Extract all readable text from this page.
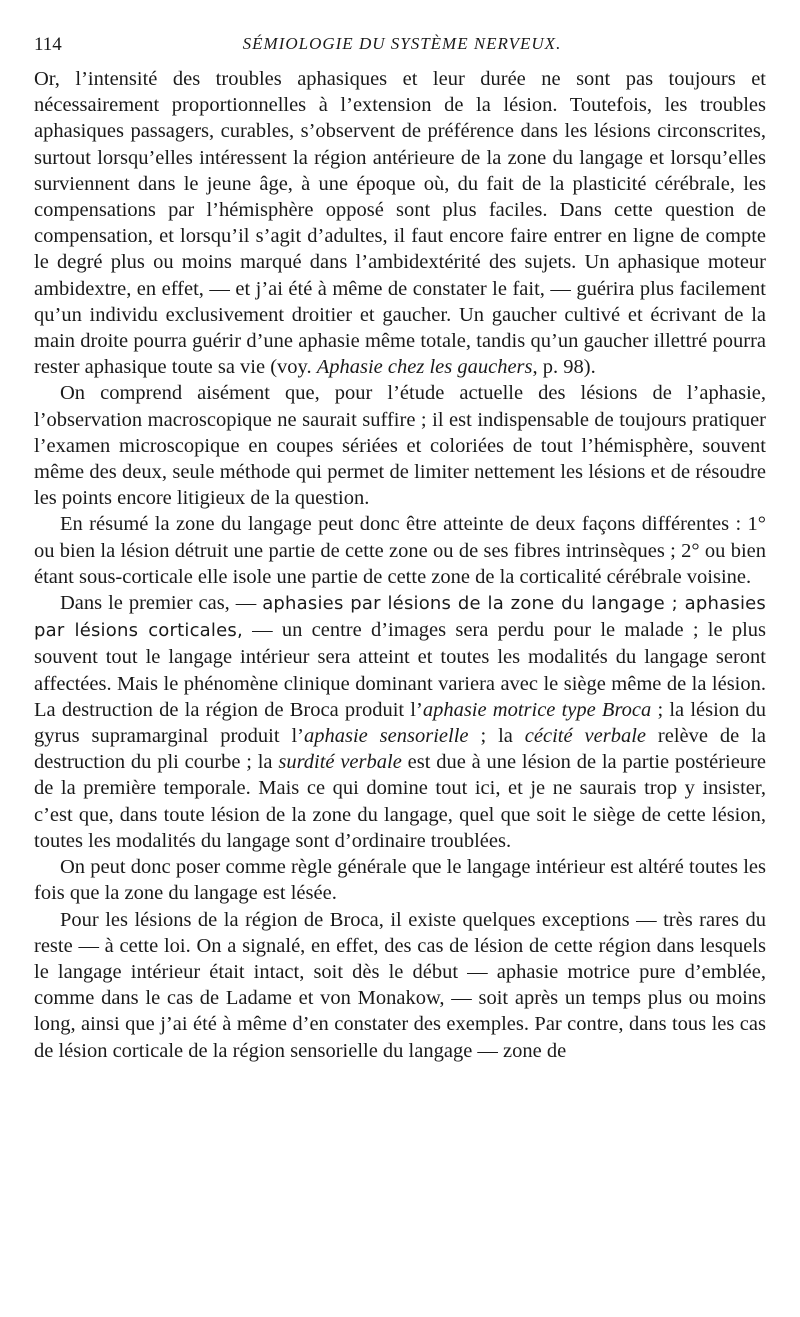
114	SÉMIOLOGIE DU SYSTÈME NERVEUX.

Or, l’intensité des troubles aphasiques et leur durée ne sont pas toujours et nécessairement proportionnelles à l’extension de la lésion. Toutefois, les troubles aphasiques passagers, curables, s’observent de préférence dans les lésions circonscrites, surtout lorsqu’elles intéressent la région antérieure de la zone du langage et lorsqu’elles surviennent dans le jeune âge, à une époque où, du fait de la plasticité cérébrale, les compensations par l’hémisphère opposé sont plus faciles. Dans cette question de compensation, et lorsqu’il s’agit d’adultes, il faut encore faire entrer en ligne de compte le degré plus ou moins marqué dans l’ambidextérité des sujets. Un aphasique moteur ambidextre, en effet, — et j’ai été à même de constater le fait, — guérira plus facilement qu’un individu exclusivement droitier et gaucher. Un gaucher cultivé et écrivant de la main droite pourra guérir d’une aphasie même totale, tandis qu’un gaucher illettré pourra rester aphasique toute sa vie (voy. Aphasie chez les gauchers, p. 98).

On comprend aisément que, pour l’étude actuelle des lésions de l’aphasie, l’observation macroscopique ne saurait suffire ; il est indispensable de toujours pratiquer l’examen microscopique en coupes sériées et coloriées de tout l’hémisphère, souvent même des deux, seule méthode qui permet de limiter nettement les lésions et de résoudre les points encore litigieux de la question.

En résumé la zone du langage peut donc être atteinte de deux façons différentes : 1° ou bien la lésion détruit une partie de cette zone ou de ses fibres intrinsèques ; 2° ou bien étant sous-corticale elle isole une partie de cette zone de la corticalité cérébrale voisine.

Dans le premier cas, — aphasies par lésions de la zone du langage ; aphasies par lésions corticales, — un centre d’images sera perdu pour le malade ; le plus souvent tout le langage intérieur sera atteint et toutes les modalités du langage seront affectées. Mais le phénomène clinique dominant variera avec le siège même de la lésion. La destruction de la région de Broca produit l’aphasie motrice type Broca ; la lésion du gyrus supramarginal produit l’aphasie sensorielle ; la cécité verbale relève de la destruction du pli courbe ; la surdité verbale est due à une lésion de la partie postérieure de la première temporale. Mais ce qui domine tout ici, et je ne saurais trop y insister, c’est que, dans toute lésion de la zone du langage, quel que soit le siège de cette lésion, toutes les modalités du langage sont d’ordinaire troublées.

On peut donc poser comme règle générale que le langage intérieur est altéré toutes les fois que la zone du langage est lésée.

Pour les lésions de la région de Broca, il existe quelques exceptions — très rares du reste — à cette loi. On a signalé, en effet, des cas de lésion de cette région dans lesquels le langage intérieur était intact, soit dès le début — aphasie motrice pure d’emblée, comme dans le cas de Ladame et von Monakow, — soit après un temps plus ou moins long, ainsi que j’ai été à même d’en constater des exemples. Par contre, dans tous les cas de lésion corticale de la région sensorielle du langage — zone de
